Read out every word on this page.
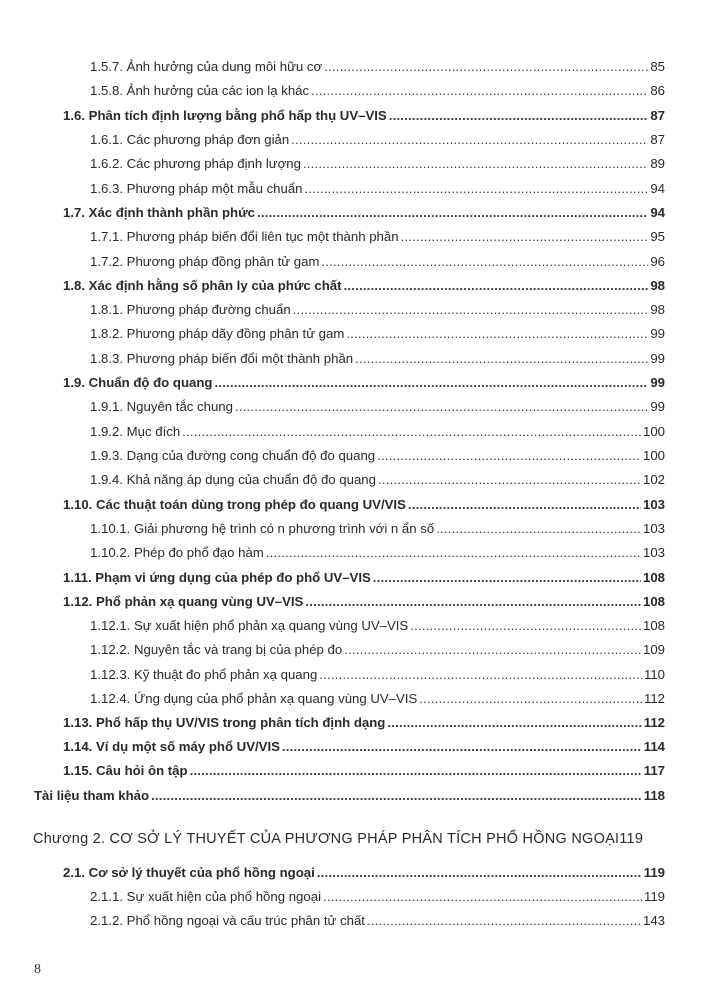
Chương 2. CƠ SỞ LÝ THUYẾT CỦA PHƯƠNG PHÁP PHÂN TÍCH PHỔ HỒNG NGOẠI119
8
1.5.7. Ảnh hưởng của dung môi hữu cơ .....	85
1.5.8. Ảnh hưởng của các ion lạ khác .....	86
1.6. Phân tích định lượng bằng phổ hấp thụ UV–VIS .....	87
1.6.1. Các phương pháp đơn giản .....	87
1.6.2. Các phương pháp định lượng .....	89
1.6.3. Phương pháp một mẫu chuẩn .....	94
1.7. Xác định thành phần phức .....	94
1.7.1. Phương pháp biến đổi liên tục một thành phần .....	95
1.7.2. Phương pháp đồng phân tử gam .....	96
1.8. Xác định hằng số phân ly của phức chất .....	98
1.8.1. Phương pháp đường chuẩn .....	98
1.8.2. Phương pháp dãy đồng phân tử gam .....	99
1.8.3. Phương pháp biến đổi một thành phần .....	99
1.9. Chuẩn độ đo quang .....	99
1.9.1. Nguyên tắc chung .....	99
1.9.2. Mục đích .....	100
1.9.3. Dạng của đường cong chuẩn độ đo quang .....	100
1.9.4. Khả năng áp dụng của chuẩn độ đo quang .....	102
1.10. Các thuật toán dùng trong phép đo quang UV/VIS .....	103
1.10.1. Giải phương hệ trình có n phương trình với n ẩn số .....	103
1.10.2. Phép đo phổ đạo hàm .....	103
1.11. Phạm vi ứng dụng của phép đo phổ UV–VIS .....	108
1.12. Phổ phản xạ quang vùng UV–VIS .....	108
1.12.1. Sự xuất hiện phổ phản xạ quang vùng UV–VIS .....	108
1.12.2. Nguyên tắc và trang bị của phép đo .....	109
1.12.3. Kỹ thuật đo phổ phản xạ quang .....	110
1.12.4. Ứng dụng của phổ phản xạ quang vùng UV–VIS .....	112
1.13. Phổ hấp thụ UV/VIS trong phân tích định dạng .....	112
1.14. Ví dụ một số máy phổ UV/VIS .....	114
1.15. Câu hỏi ôn tập .....	117
Tài liệu tham khảo .....	118
2.1. Cơ sở lý thuyết của phổ hồng ngoại .....	119
2.1.1. Sự xuất hiện của phổ hồng ngoại .....	119
2.1.2. Phổ hồng ngoại và cấu trúc phân tử chất .....	143
